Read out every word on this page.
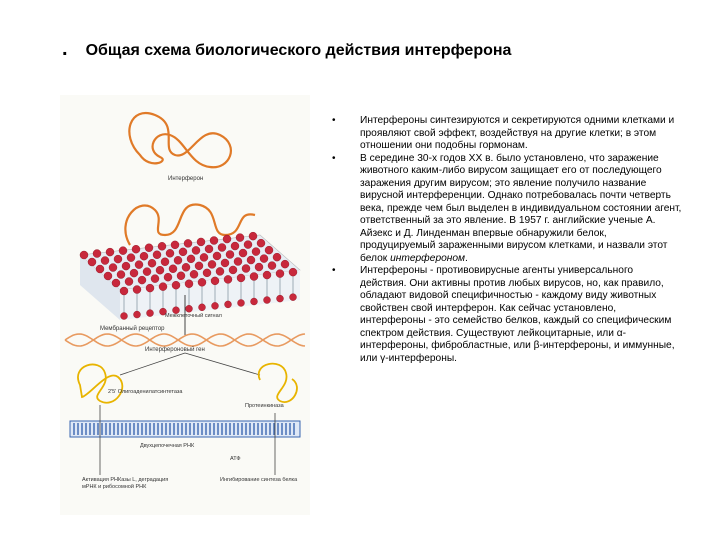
. Общая схема биологического действия интерферона
Интерферон
Мембранный рецептор
Межклеточный сигнал
Интерфероновый ген
2'5' Олигоаденилатсинтетаза
Протеинкиназа
Двухцепочечная РНК
АТФ
Активация РНКазы L, деградация мРНК и рибосомной РНК
Ингибирование синтеза белка
• Интерфероны синтезируются и секретируются одними клетками и проявляют свой эффект, воздействуя на другие клетки; в этом отношении они подобны гормонам.

• В середине 30-х годов XX в. было установлено, что заражение животного каким-либо вирусом защищает его от последующего заражения другим вирусом; это явление получило название вирусной интерференции. Однако потребовалась почти четверть века, прежде чем был выделен в индивидуальном состоянии агент, ответственный за это явление. В 1957 г. английские ученые А. Айзекс и Д. Линденман впервые обнаружили белок, продуцируемый зараженными вирусом клетками, и назвали этот белок интерфероном.

• Интерфероны - противовирусные агенты универсального действия. Они активны против любых вирусов, но, как правило, обладают видовой специфичностью - каждому виду животных свойствен свой интерферон. Как сейчас установлено, интерфероны - это семейство белков, каждый со специфическим спектром действия. Существуют лейкоцитарные, или α-интерфероны, фибробластные, или β-интерфероны, и иммунные, или γ-интерфероны.
